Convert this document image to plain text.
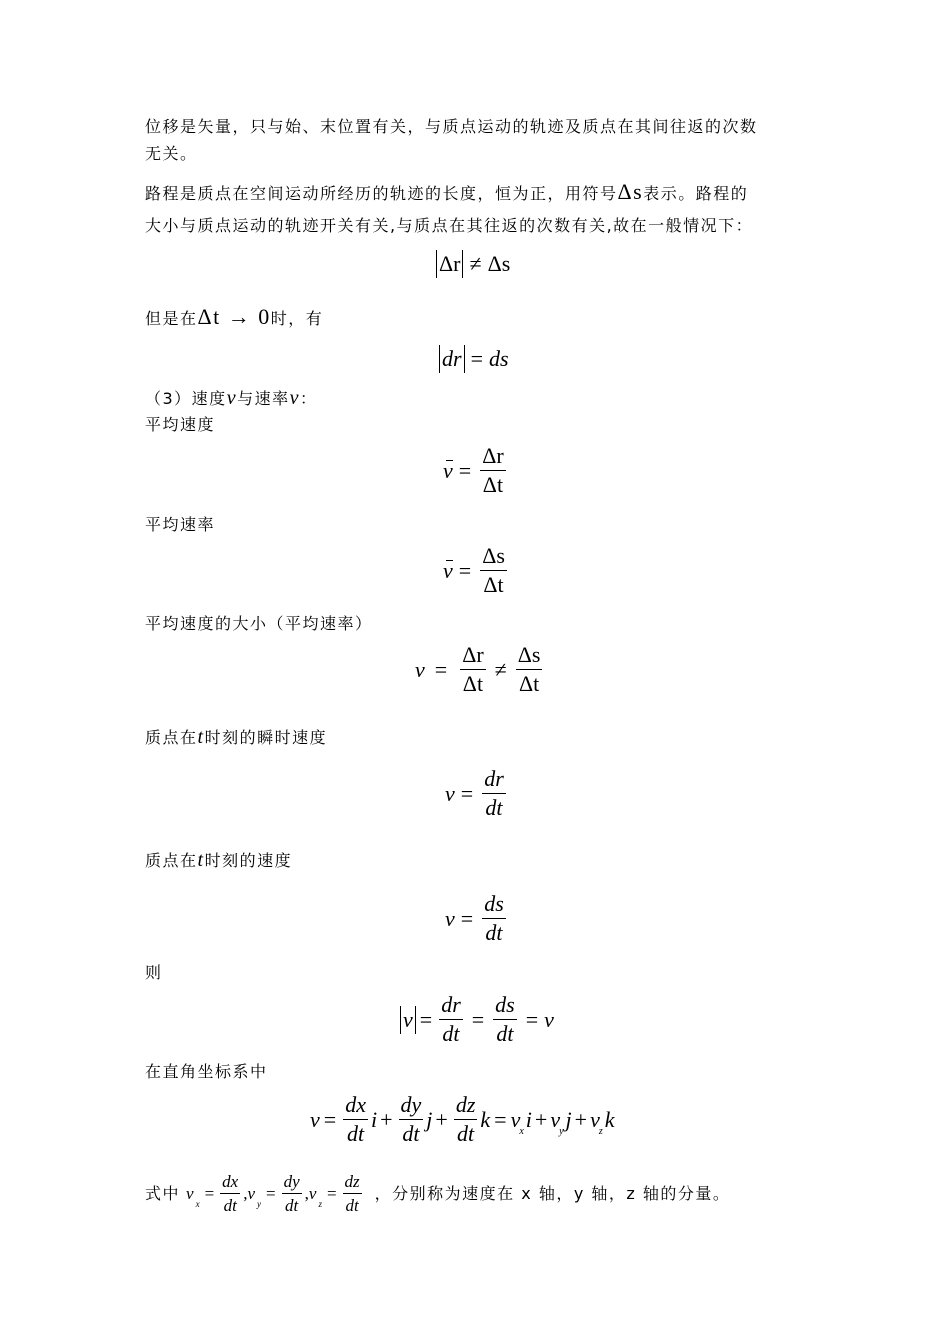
位移是矢量，只与始、末位置有关，与质点运动的轨迹及质点在其间往返的次数
无关。
路程是质点在空间运动所经历的轨迹的长度，恒为正，用符号Δs表示。路程的
大小与质点运动的轨迹开关有关,与质点在其往返的次数有关,故在一般情况下：
Δr ≠ Δs
但是在Δt → 0时，有
dr = ds
（3）速度v与速率v：
平均速度
$v = \frac{\Delta r}{\Delta t}$
平均速率
$v = \frac{\Delta s}{\Delta t}$
平均速度的大小（平均速率）
$v = \frac{\Delta r}{\Delta t} \ne \frac{\Delta s}{\Delta t}$
质点在t时刻的瞬时速度
$v = \frac{dr}{dt}$
质点在t时刻的速度
$v = \frac{ds}{dt}$
则
$v = \frac{dr}{dt} = \frac{ds}{dt} = v$
在直角坐标系中
$v = \frac{dx}{dt}$ $i + \frac{dy}{dt}$ $j + \frac{dz}{dt}$ k = v x i + v y j + v z k
式中 v
x
= $\frac{dx}{dt}$ , v
y
= $\frac{dy}{dt}$ , v
z
= $\frac{dz}{dt}$ ，分别称为速度在 x 轴，y 轴，z 轴的分量。
